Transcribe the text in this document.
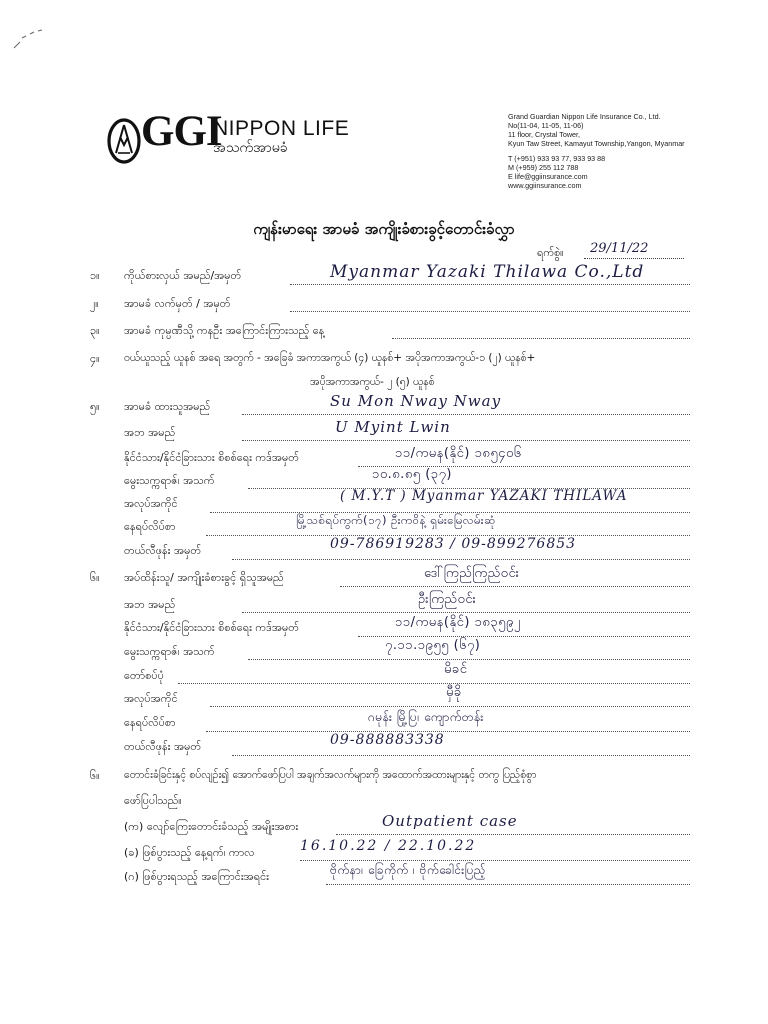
GGI
NIPPON LIFE
အသက်အာမခံ
Grand Guardian Nippon Life Insurance Co., Ltd.
No(11-04, 11-05, 11-06)
11 floor, Crystal Tower,
Kyun Taw Street, Kamayut Township,Yangon, Myanmar
T (+951) 933 93 77, 933 93 88
M (+959) 255 112 788
E life@ggiinsurance.com
www.ggiinsurance.com
ကျန်းမာရေး အာမခံ အကျိုးခံစားခွင့်တောင်းခံလွှာ
ရက်စွဲ။ 29/11/22
၁။ ကိုယ်စားလှယ် အမည်/အမှတ်	Myanmar Yazaki Thilawa Co.,Ltd
၂။ အာမခံ လက်မှတ် / အမှတ်
၃။ အာမခံ ကုမ္ပဏီသို့ ကနဦး အကြောင်းကြားသည့် နေ့
၄။ ဝယ်ယူသည့် ယူနစ် အရေ အတွက် - အခြေခံ အကာအကွယ် (၄) ယူနစ်+ အပိုအကာအကွယ်-၁ (၂) ယူနစ်+
အပိုအကာအကွယ်- ၂ (၅) ယူနစ်
၅။ အာမခံ ထားသူအမည်	Su Mon Nway Nway
အဘ အမည်	U Myint Lwin
နိုင်ငံသား/နိုင်ငံခြားသား စိစစ်ရေး ကဒ်အမှတ်	၁၁/ကမန(နိုင်) ၁၈၅၄၀၆
မွေးသက္ကရာဇ်၊ အသက်	၁၀.၈.၈၅ (၃၇)
အလုပ်အကိုင်	( M.Y.T ) Myanmar YAZAKI THILAWA
နေရပ်လိပ်စာ	မြို့သစ်ရပ်ကွက်(၁၇) ဦးကဝိနဲ့ ရှမ်းမြေလမ်းဆုံ
တယ်လီဖုန်း အမှတ်	09-786919283 / 09-899276853
၆။ အပ်ထိန်းသူ/ အကျိုးခံစားခွင့် ရှိသူအမည်	ဒေါ်ကြည်ကြည်ဝင်း
အဘ အမည်	ဦးကြည်ဝင်း
နိုင်ငံသား/နိုင်ငံခြားသား စိစစ်ရေး ကဒ်အမှတ်	၁၁/ကမန(နိုင်) ၁၈၃၅၉၂
မွေးသက္ကရာဇ်၊ အသက်	၇.၁၁.၁၉၅၅ (၆၇)
တော်စပ်ပုံ	မိခင်
အလုပ်အကိုင်	မှီခို
နေရပ်လိပ်စာ	ဂမုန်း မြို့ပြ၊ ကျောက်တန်း
တယ်လီဖုန်း အမှတ်	09-888883338
၆။ တောင်းခံခြင်းနှင့် စပ်လျဉ်း၍ အောက်ဖော်ပြပါ အချက်အလက်များကို အထောက်အထားများနှင့် တကွ ပြည့်စုံစွာ
ဖော်ပြပါသည်။
(က) လျော်ကြေးတောင်းခံသည့် အမျိုးအစား	Outpatient case
(ခ) ဖြစ်ပွားသည့် နေ့ရက်၊ ကာလ	16.10.22 / 22.10.22
(ဂ) ဖြစ်ပွားရသည့် အကြောင်းအရင်း	ဗိုက်နာ၊ ခြေကိုက် ၊ ဗိုက်ခေါင်းပြည့်
